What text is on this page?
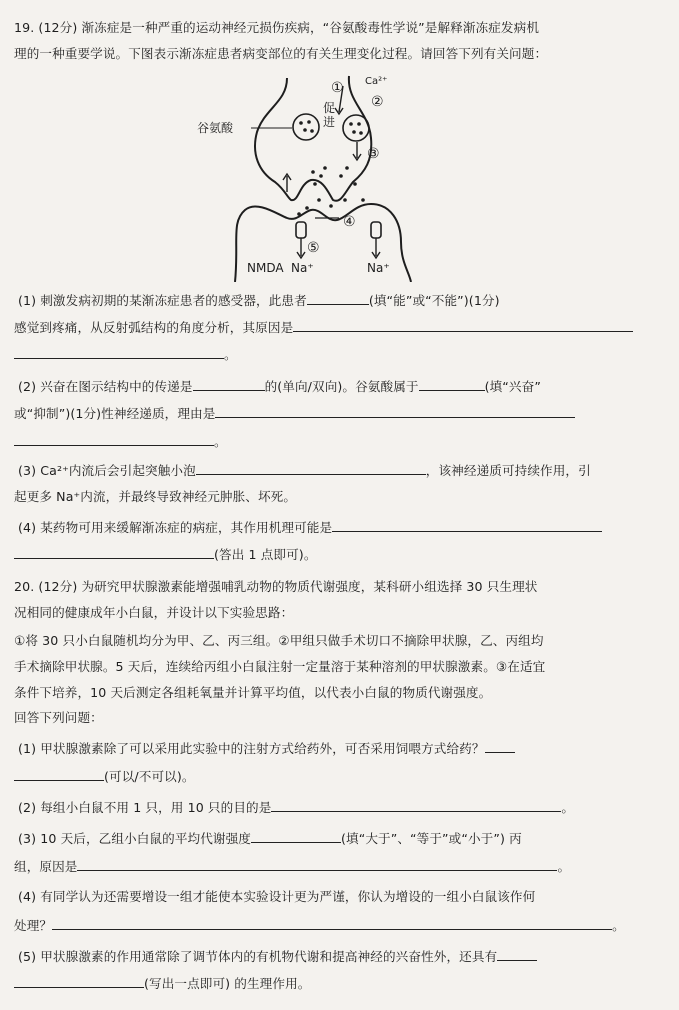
19. (12分) 渐冻症是一种严重的运动神经元损伤疾病，“谷氨酸毒性学说”是解释渐冻症发病机
理的一种重要学说。下图表示渐冻症患者病变部位的有关生理变化过程。请回答下列有关问题：
谷氨酸
Ca²⁺
促
进
①
②
③
④
⑤
NMDA Na⁺	Na⁺
(1) 刺激发病初期的某渐冻症患者的感受器，此患者	(填“能”或“不能”)(1分)
感觉到疼痛，从反射弧结构的角度分析，其原因是
。
(2) 兴奋在图示结构中的传递是	的(单向/双向)。谷氨酸属于	(填“兴奋”
或“抑制”)(1分)性神经递质，理由是
。
(3) Ca²⁺内流后会引起突触小泡	，该神经递质可持续作用，引
起更多 Na⁺内流，并最终导致神经元肿胀、坏死。
(4) 某药物可用来缓解渐冻症的病症，其作用机理可能是
(答出 1 点即可)。
20. (12分) 为研究甲状腺激素能增强哺乳动物的物质代谢强度，某科研小组选择 30 只生理状
况相同的健康成年小白鼠，并设计以下实验思路：
①将 30 只小白鼠随机均分为甲、乙、丙三组。②甲组只做手术切口不摘除甲状腺，乙、丙组均
手术摘除甲状腺。5 天后，连续给丙组小白鼠注射一定量溶于某种溶剂的甲状腺激素。③在适宜
条件下培养，10 天后测定各组耗氧量并计算平均值，以代表小白鼠的物质代谢强度。
回答下列问题：
(1) 甲状腺激素除了可以采用此实验中的注射方式给药外，可否采用饲喂方式给药？
(可以/不可以)。
(2) 每组小白鼠不用 1 只，用 10 只的目的是	。
(3) 10 天后，乙组小白鼠的平均代谢强度	(填“大于”、“等于”或“小于”) 丙
组，原因是	。
(4) 有同学认为还需要增设一组才能使本实验设计更为严谨，你认为增设的一组小白鼠该作何
处理？	。
(5) 甲状腺激素的作用通常除了调节体内的有机物代谢和提高神经的兴奋性外，还具有
(写出一点即可) 的生理作用。
